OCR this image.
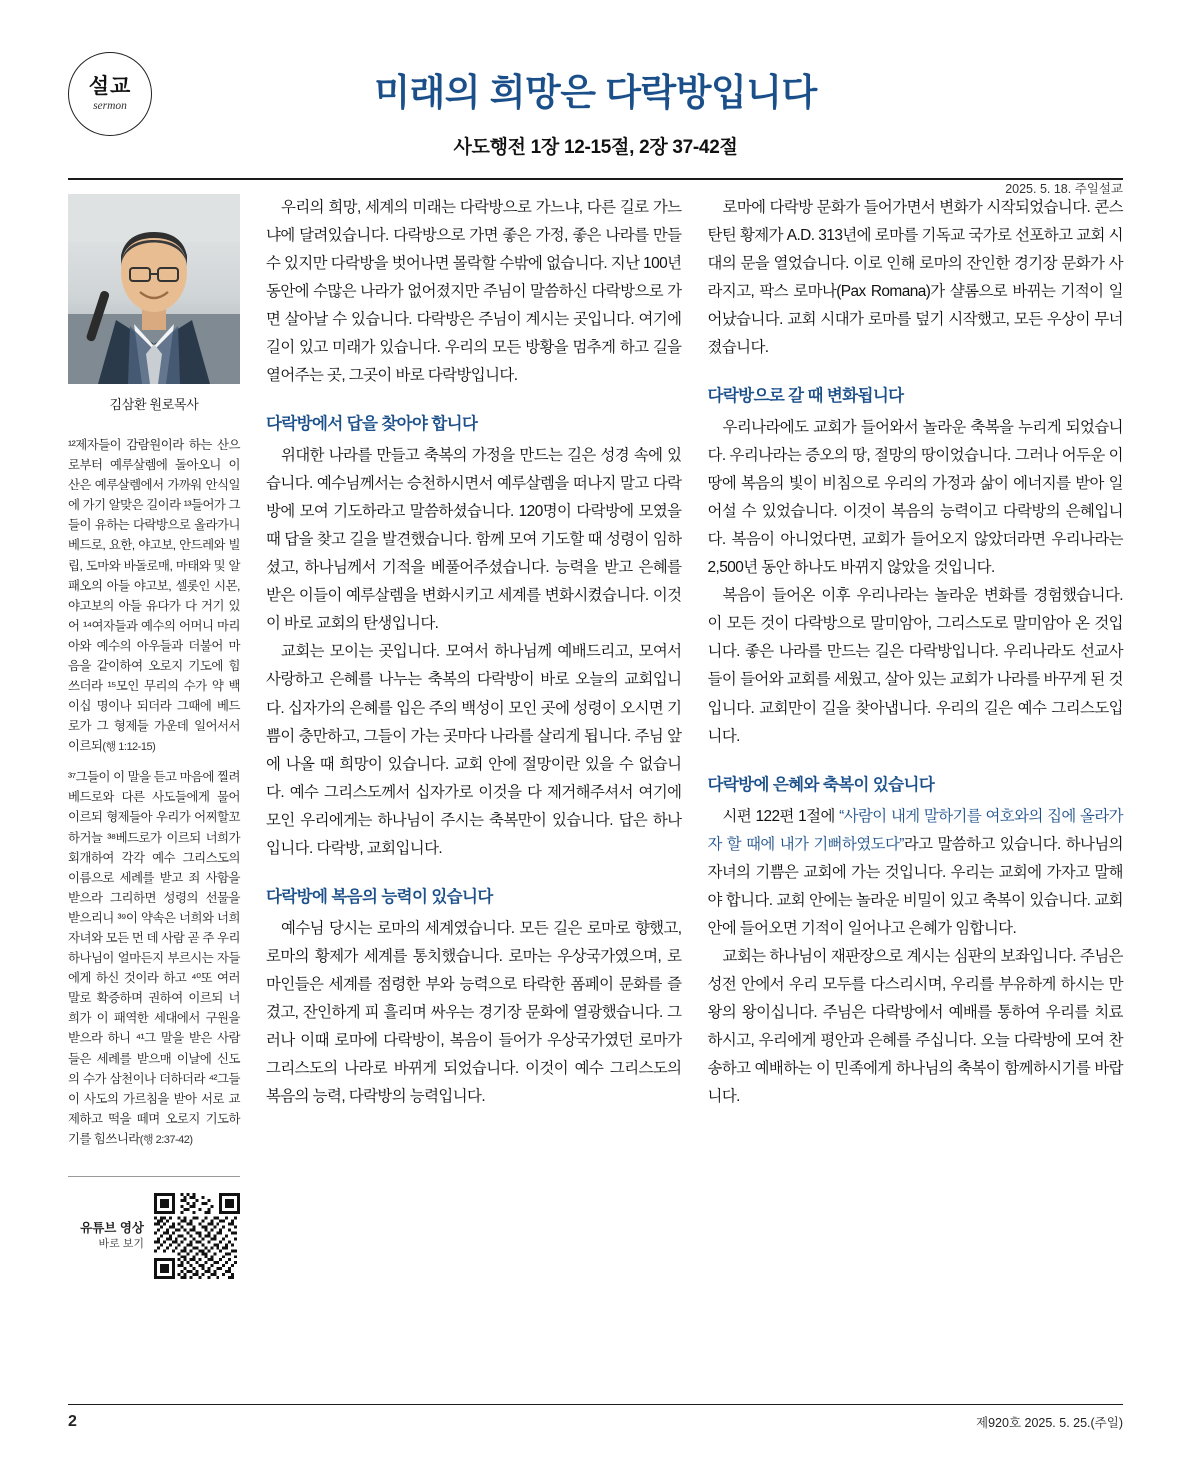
설교
sermon	미래의 희망은 다락방입니다
사도행전 1장 12-15절, 2장 37-42절
2025. 5. 18. 주일설교
김삼환 원로목사

¹²제자들이 감람원이라 하는 산으로부터 예루살렘에 돌아오니 이 산은 예루살렘에서 가까워 안식일에 가기 알맞은 길이라 ¹³들어가 그들이 유하는 다락방으로 올라가니 베드로, 요한, 야고보, 안드레와 빌립, 도마와 바돌로매, 마태와 및 알패오의 아들 야고보, 셀롯인 시몬, 야고보의 아들 유다가 다 거기 있어 ¹⁴여자들과 예수의 어머니 마리아와 예수의 아우들과 더불어 마음을 같이하여 오로지 기도에 힘쓰더라 ¹⁵모인 무리의 수가 약 백이십 명이나 되더라 그때에 베드로가 그 형제들 가운데 일어서서 이르되(행 1:12-15)

³⁷그들이 이 말을 듣고 마음에 찔려 베드로와 다른 사도들에게 물어 이르되 형제들아 우리가 어찌할꼬 하거늘 ³⁸베드로가 이르되 너희가 회개하여 각각 예수 그리스도의 이름으로 세례를 받고 죄 사함을 받으라 그리하면 성령의 선물을 받으리니 ³⁹이 약속은 너희와 너희 자녀와 모든 먼 데 사람 곧 주 우리 하나님이 얼마든지 부르시는 자들에게 하신 것이라 하고 ⁴⁰또 여러 말로 확증하며 권하여 이르되 너희가 이 패역한 세대에서 구원을 받으라 하니 ⁴¹그 말을 받은 사람들은 세례를 받으매 이날에 신도의 수가 삼천이나 더하더라 ⁴²그들이 사도의 가르침을 받아 서로 교제하고 떡을 떼며 오로지 기도하기를 힘쓰니라(행 2:37-42)

유튜브 영상
바로 보기

우리의 희망, 세계의 미래는 다락방으로 가느냐, 다른 길로 가느냐에 달려있습니다. 다락방으로 가면 좋은 가정, 좋은 나라를 만들 수 있지만 다락방을 벗어나면 몰락할 수밖에 없습니다. 지난 100년 동안에 수많은 나라가 없어졌지만 주님이 말씀하신 다락방으로 가면 살아날 수 있습니다. 다락방은 주님이 계시는 곳입니다. 여기에 길이 있고 미래가 있습니다. 우리의 모든 방황을 멈추게 하고 길을 열어주는 곳, 그곳이 바로 다락방입니다.

다락방에서 답을 찾아야 합니다

위대한 나라를 만들고 축복의 가정을 만드는 길은 성경 속에 있습니다. 예수님께서는 승천하시면서 예루살렘을 떠나지 말고 다락방에 모여 기도하라고 말씀하셨습니다. 120명이 다락방에 모였을 때 답을 찾고 길을 발견했습니다. 함께 모여 기도할 때 성령이 임하셨고, 하나님께서 기적을 베풀어주셨습니다. 능력을 받고 은혜를 받은 이들이 예루살렘을 변화시키고 세계를 변화시켰습니다. 이것이 바로 교회의 탄생입니다.

교회는 모이는 곳입니다. 모여서 하나님께 예배드리고, 모여서 사랑하고 은혜를 나누는 축복의 다락방이 바로 오늘의 교회입니다. 십자가의 은혜를 입은 주의 백성이 모인 곳에 성령이 오시면 기쁨이 충만하고, 그들이 가는 곳마다 나라를 살리게 됩니다. 주님 앞에 나올 때 희망이 있습니다. 교회 안에 절망이란 있을 수 없습니다. 예수 그리스도께서 십자가로 이것을 다 제거해주셔서 여기에 모인 우리에게는 하나님이 주시는 축복만이 있습니다. 답은 하나입니다. 다락방, 교회입니다.

다락방에 복음의 능력이 있습니다

예수님 당시는 로마의 세계였습니다. 모든 길은 로마로 향했고, 로마의 황제가 세계를 통치했습니다. 로마는 우상국가였으며, 로마인들은 세계를 점령한 부와 능력으로 타락한 폼페이 문화를 즐겼고, 잔인하게 피 흘리며 싸우는 경기장 문화에 열광했습니다. 그러나 이때 로마에 다락방이, 복음이 들어가 우상국가였던 로마가 그리스도의 나라로 바뀌게 되었습니다. 이것이 예수 그리스도의 복음의 능력, 다락방의 능력입니다.

로마에 다락방 문화가 들어가면서 변화가 시작되었습니다. 콘스탄틴 황제가 A.D. 313년에 로마를 기독교 국가로 선포하고 교회 시대의 문을 열었습니다. 이로 인해 로마의 잔인한 경기장 문화가 사라지고, 팍스 로마나(Pax Romana)가 샬롬으로 바뀌는 기적이 일어났습니다. 교회 시대가 로마를 덮기 시작했고, 모든 우상이 무너졌습니다.

다락방으로 갈 때 변화됩니다

우리나라에도 교회가 들어와서 놀라운 축복을 누리게 되었습니다. 우리나라는 증오의 땅, 절망의 땅이었습니다. 그러나 어두운 이 땅에 복음의 빛이 비침으로 우리의 가정과 삶이 에너지를 받아 일어설 수 있었습니다. 이것이 복음의 능력이고 다락방의 은혜입니다. 복음이 아니었다면, 교회가 들어오지 않았더라면 우리나라는 2,500년 동안 하나도 바뀌지 않았을 것입니다.

복음이 들어온 이후 우리나라는 놀라운 변화를 경험했습니다. 이 모든 것이 다락방으로 말미암아, 그리스도로 말미암아 온 것입니다. 좋은 나라를 만드는 길은 다락방입니다. 우리나라도 선교사들이 들어와 교회를 세웠고, 살아 있는 교회가 나라를 바꾸게 된 것입니다. 교회만이 길을 찾아냅니다. 우리의 길은 예수 그리스도입니다.

다락방에 은혜와 축복이 있습니다

시편 122편 1절에 “사람이 내게 말하기를 여호와의 집에 올라가자 할 때에 내가 기뻐하였도다”라고 말씀하고 있습니다. 하나님의 자녀의 기쁨은 교회에 가는 것입니다. 우리는 교회에 가자고 말해야 합니다. 교회 안에는 놀라운 비밀이 있고 축복이 있습니다. 교회 안에 들어오면 기적이 일어나고 은혜가 임합니다.

교회는 하나님이 재판장으로 계시는 심판의 보좌입니다. 주님은 성전 안에서 우리 모두를 다스리시며, 우리를 부유하게 하시는 만왕의 왕이십니다. 주님은 다락방에서 예배를 통하여 우리를 치료하시고, 우리에게 평안과 은혜를 주십니다. 오늘 다락방에 모여 찬송하고 예배하는 이 민족에게 하나님의 축복이 함께하시기를 바랍니다.

2	제920호 2025. 5. 25.(주일)
